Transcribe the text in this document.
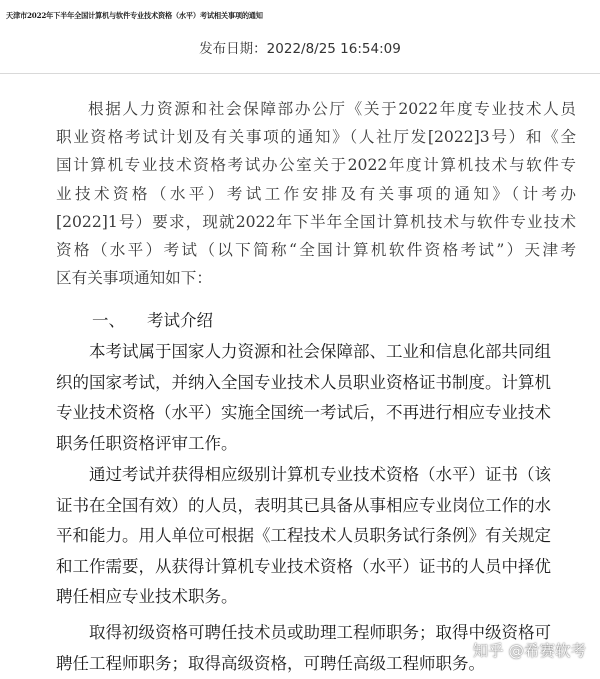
天津市2022年下半年全国计算机与软件专业技术资格（水平）考试相关事项的通知
发布日期：2022/8/25 16:54:09
根据人力资源和社会保障部办公厅《关于2022年度专业技术人员
职业资格考试计划及有关事项的通知》（人社厅发[2022]3号）和《全
国计算机专业技术资格考试办公室关于2022年度计算机技术与软件专
业技术资格（水平）考试工作安排及有关事项的通知》（计考办
[2022]1号）要求，现就2022年下半年全国计算机技术与软件专业技术
资格（水平）考试（以下简称“全国计算机软件资格考试”）天津考
区有关事项通知如下：
一、 考试介绍
本考试属于国家人力资源和社会保障部、工业和信息化部共同组
织的国家考试，并纳入全国专业技术人员职业资格证书制度。计算机
专业技术资格（水平）实施全国统一考试后，不再进行相应专业技术
职务任职资格评审工作。
通过考试并获得相应级别计算机专业技术资格（水平）证书（该
证书在全国有效）的人员，表明其已具备从事相应专业岗位工作的水
平和能力。用人单位可根据《工程技术人员职务试行条例》有关规定
和工作需要，从获得计算机专业技术资格（水平）证书的人员中择优
聘任相应专业技术职务。
取得初级资格可聘任技术员或助理工程师职务；取得中级资格可
聘任工程师职务；取得高级资格，可聘任高级工程师职务。
知乎 @希赛软考
